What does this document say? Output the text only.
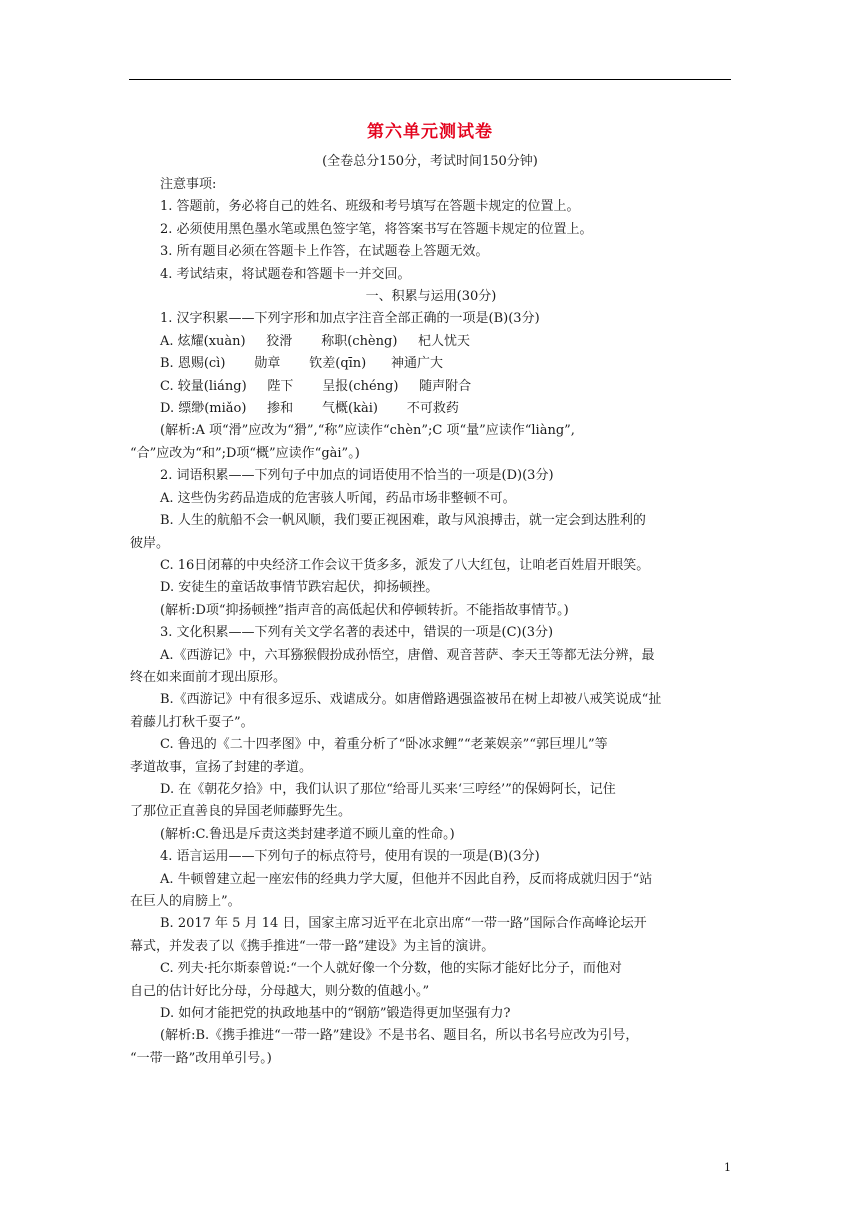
第六单元测试卷
(全卷总分150分，考试时间150分钟)

注意事项:

1. 答题前，务必将自己的姓名、班级和考号填写在答题卡规定的位置上。

2. 必须使用黑色墨水笔或黑色签字笔，将答案书写在答题卡规定的位置上。

3. 所有题目必须在答题卡上作答，在试题卷上答题无效。

4. 考试结束，将试题卷和答题卡一并交回。

一、积累与运用(30分)

1. 汉字积累——下列字形和加点字注音全部正确的一项是(B)(3分)

A. 炫耀(xuàn)     狡滑       称职(chèng)     杞人忧天

B. 恩赐(cì)       勋章       钦差(qīn)      神通广大

C. 较量(liáng)     陛下       呈报(chéng)     随声附合

D. 缥缈(miǎo)     掺和       气概(kài)       不可救药

(解析:A 项“滑”应改为“猾”,“称”应读作“chèn”;C 项“量”应读作“liàng”,

“合”应改为“和”;D项“概”应读作“gài”。)

2. 词语积累——下列句子中加点的词语使用不恰当的一项是(D)(3分)

A. 这些伪劣药品造成的危害骇人听闻，药品市场非整顿不可。

B. 人生的航船不会一帆风顺，我们要正视困难，敢与风浪搏击，就一定会到达胜利的

彼岸。

C. 16日闭幕的中央经济工作会议干货多多，派发了八大红包，让咱老百姓眉开眼笑。

D. 安徒生的童话故事情节跌宕起伏，抑扬顿挫。

(解析:D项“抑扬顿挫”指声音的高低起伏和停顿转折。不能指故事情节。)

3. 文化积累——下列有关文学名著的表述中，错误的一项是(C)(3分)

A.《西游记》中，六耳猕猴假扮成孙悟空，唐僧、观音菩萨、李天王等都无法分辨，最

终在如来面前才现出原形。

B.《西游记》中有很多逗乐、戏谑成分。如唐僧路遇强盗被吊在树上却被八戒笑说成“扯

着藤儿打秋千耍子”。

C. 鲁迅的《二十四孝图》中，着重分析了“卧冰求鲤”“老莱娱亲”“郭巨埋儿”等

孝道故事，宣扬了封建的孝道。

D. 在《朝花夕拾》中，我们认识了那位“给哥儿买来‘三哼经’”的保姆阿长，记住

了那位正直善良的异国老师藤野先生。

(解析:C.鲁迅是斥责这类封建孝道不顾儿童的性命。)

4. 语言运用——下列句子的标点符号，使用有误的一项是(B)(3分)

A. 牛顿曾建立起一座宏伟的经典力学大厦，但他并不因此自矜，反而将成就归因于“站

在巨人的肩膀上”。

B. 2017 年 5 月 14 日，国家主席习近平在北京出席“一带一路”国际合作高峰论坛开

幕式，并发表了以《携手推进“一带一路”建设》为主旨的演讲。

C. 列夫·托尔斯泰曾说:“一个人就好像一个分数，他的实际才能好比分子，而他对

自己的估计好比分母，分母越大，则分数的值越小。”

D. 如何才能把党的执政地基中的“钢筋”锻造得更加坚强有力?

(解析:B.《携手推进“一带一路”建设》不是书名、题目名，所以书名号应改为引号，

“一带一路”改用单引号。)

1
